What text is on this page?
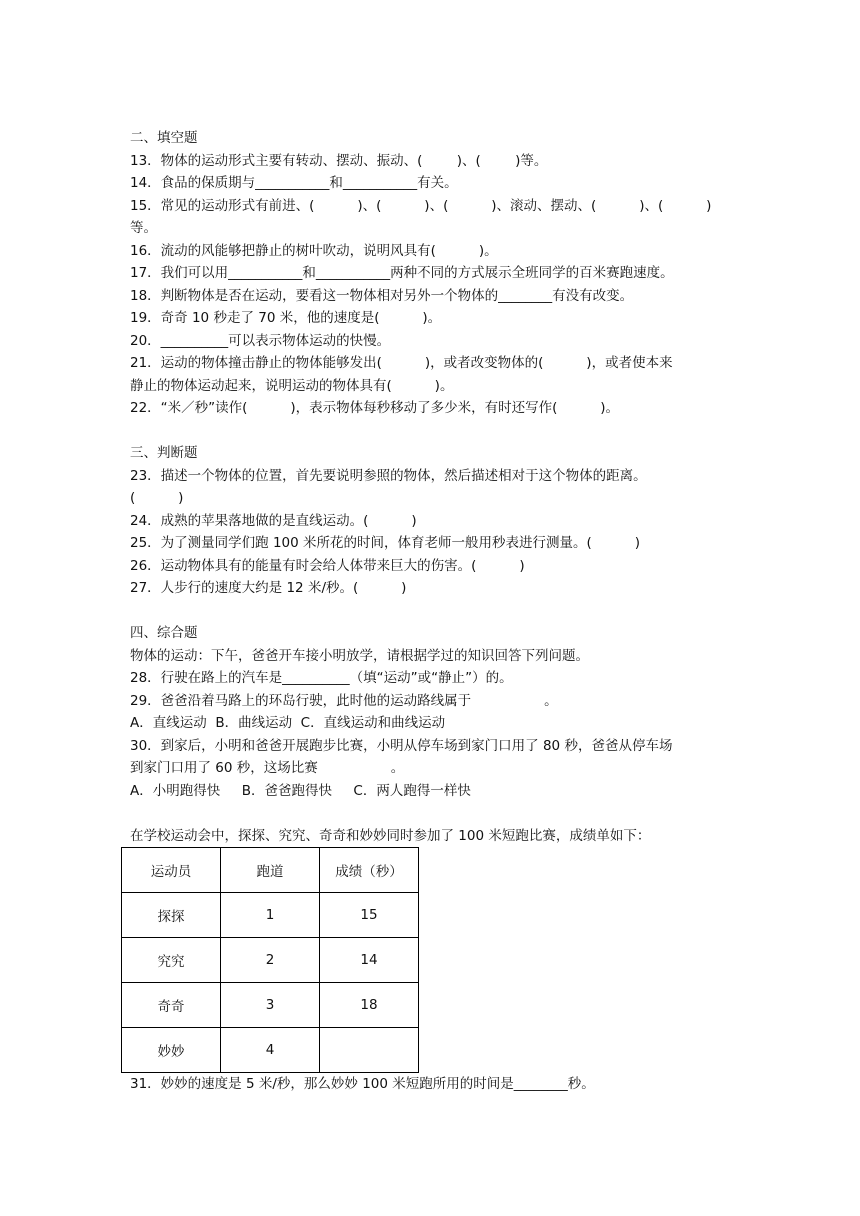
二、填空题
13．物体的运动形式主要有转动、摆动、振动、(        )、(        )等。
14．食品的保质期与___________和___________有关。
15．常见的运动形式有前进、(          )、(          )、(          )、滚动、摆动、(          )、(          )
等。
16．流动的风能够把静止的树叶吹动，说明风具有(          )。
17．我们可以用___________和___________两种不同的方式展示全班同学的百米赛跑速度。
18．判断物体是否在运动，要看这一物体相对另外一个物体的________有没有改变。
19．奇奇 10 秒走了 70 米，他的速度是(          )。
20．__________可以表示物体运动的快慢。
21．运动的物体撞击静止的物体能够发出(          )，或者改变物体的(          )，或者使本来
静止的物体运动起来，说明运动的物体具有(          )。
22．“米／秒”读作(          )，表示物体每秒移动了多少米，有时还写作(          )。
三、判断题
23．描述一个物体的位置，首先要说明参照的物体，然后描述相对于这个物体的距离。
(          )
24．成熟的苹果落地做的是直线运动。(          )
25．为了测量同学们跑 100 米所花的时间，体育老师一般用秒表进行测量。(          )
26．运动物体具有的能量有时会给人体带来巨大的伤害。(          )
27．人步行的速度大约是 12 米/秒。(          )
四、综合题
物体的运动：下午，爸爸开车接小明放学，请根据学过的知识回答下列问题。
28．行驶在路上的汽车是__________（填“运动”或“静止”）的。
29．爸爸沿着马路上的环岛行驶，此时他的运动路线属于                 。
A．直线运动  B．曲线运动  C．直线运动和曲线运动
30．到家后，小明和爸爸开展跑步比赛，小明从停车场到家门口用了 80 秒，爸爸从停车场
到家门口用了 60 秒，这场比赛                 。
A．小明跑得快     B．爸爸跑得快     C．两人跑得一样快
在学校运动会中，探探、究究、奇奇和妙妙同时参加了 100 米短跑比赛，成绩单如下：
运动员	跑道	成绩（秒）
探探	1	15
究究	2	14
奇奇	3	18
妙妙	4	
31．妙妙的速度是 5 米/秒，那么妙妙 100 米短跑所用的时间是________秒。
